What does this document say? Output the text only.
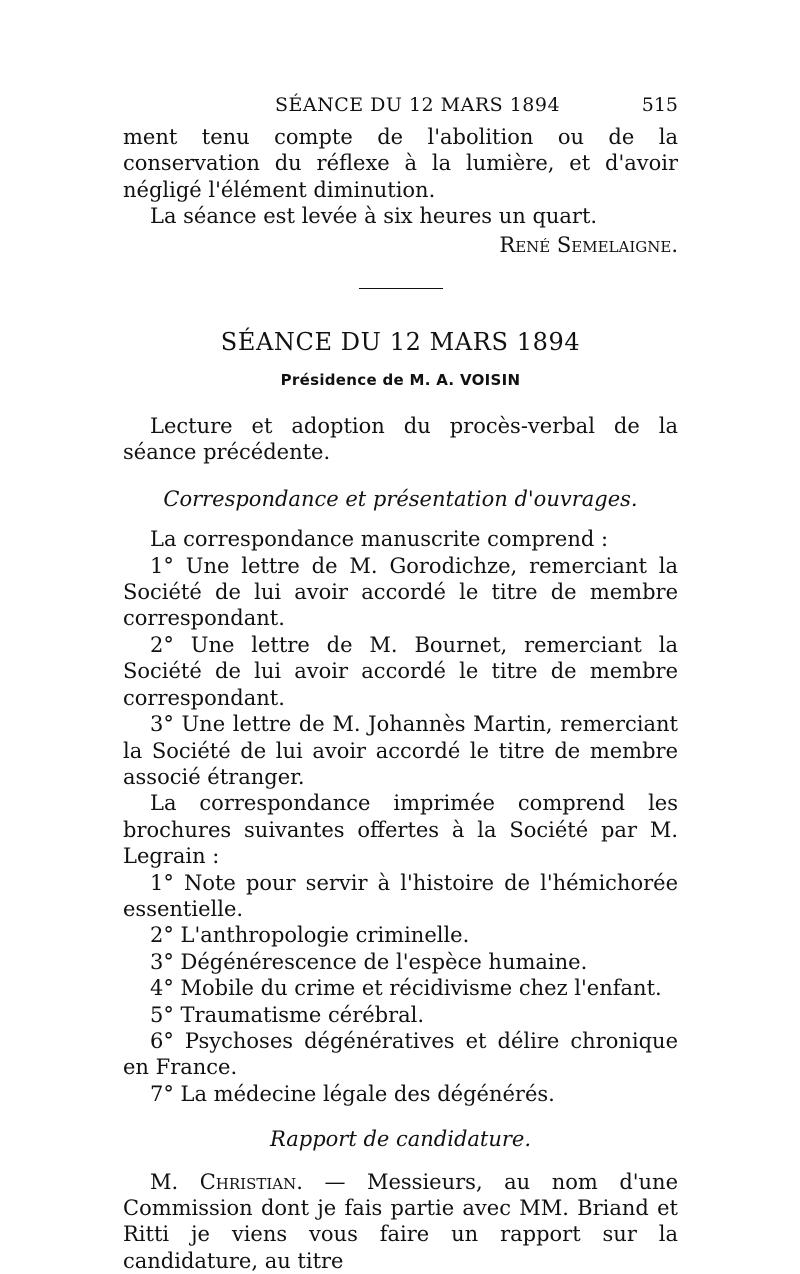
SÉANCE DU 12 MARS 1894	515

ment tenu compte de l'abolition ou de la conservation du réflexe à la lumière, et d'avoir négligé l'élément diminution.

La séance est levée à six heures un quart.

René Semelaigne.

SÉANCE DU 12 MARS 1894
Présidence de M. A. VOISIN

Lecture et adoption du procès-verbal de la séance précédente.

Correspondance et présentation d'ouvrages.

La correspondance manuscrite comprend :

1° Une lettre de M. Gorodichze, remerciant la Société de lui avoir accordé le titre de membre correspondant.

2° Une lettre de M. Bournet, remerciant la Société de lui avoir accordé le titre de membre correspondant.

3° Une lettre de M. Johannès Martin, remerciant la Société de lui avoir accordé le titre de membre associé étranger.

La correspondance imprimée comprend les brochures suivantes offertes à la Société par M. Legrain :

1° Note pour servir à l'histoire de l'hémichorée essentielle.

2° L'anthropologie criminelle.

3° Dégénérescence de l'espèce humaine.

4° Mobile du crime et récidivisme chez l'enfant.

5° Traumatisme cérébral.

6° Psychoses dégénératives et délire chronique en France.

7° La médecine légale des dégénérés.

Rapport de candidature.

M. Christian. — Messieurs, au nom d'une Commission dont je fais partie avec MM. Briand et Ritti je viens vous faire un rapport sur la candidature, au titre
